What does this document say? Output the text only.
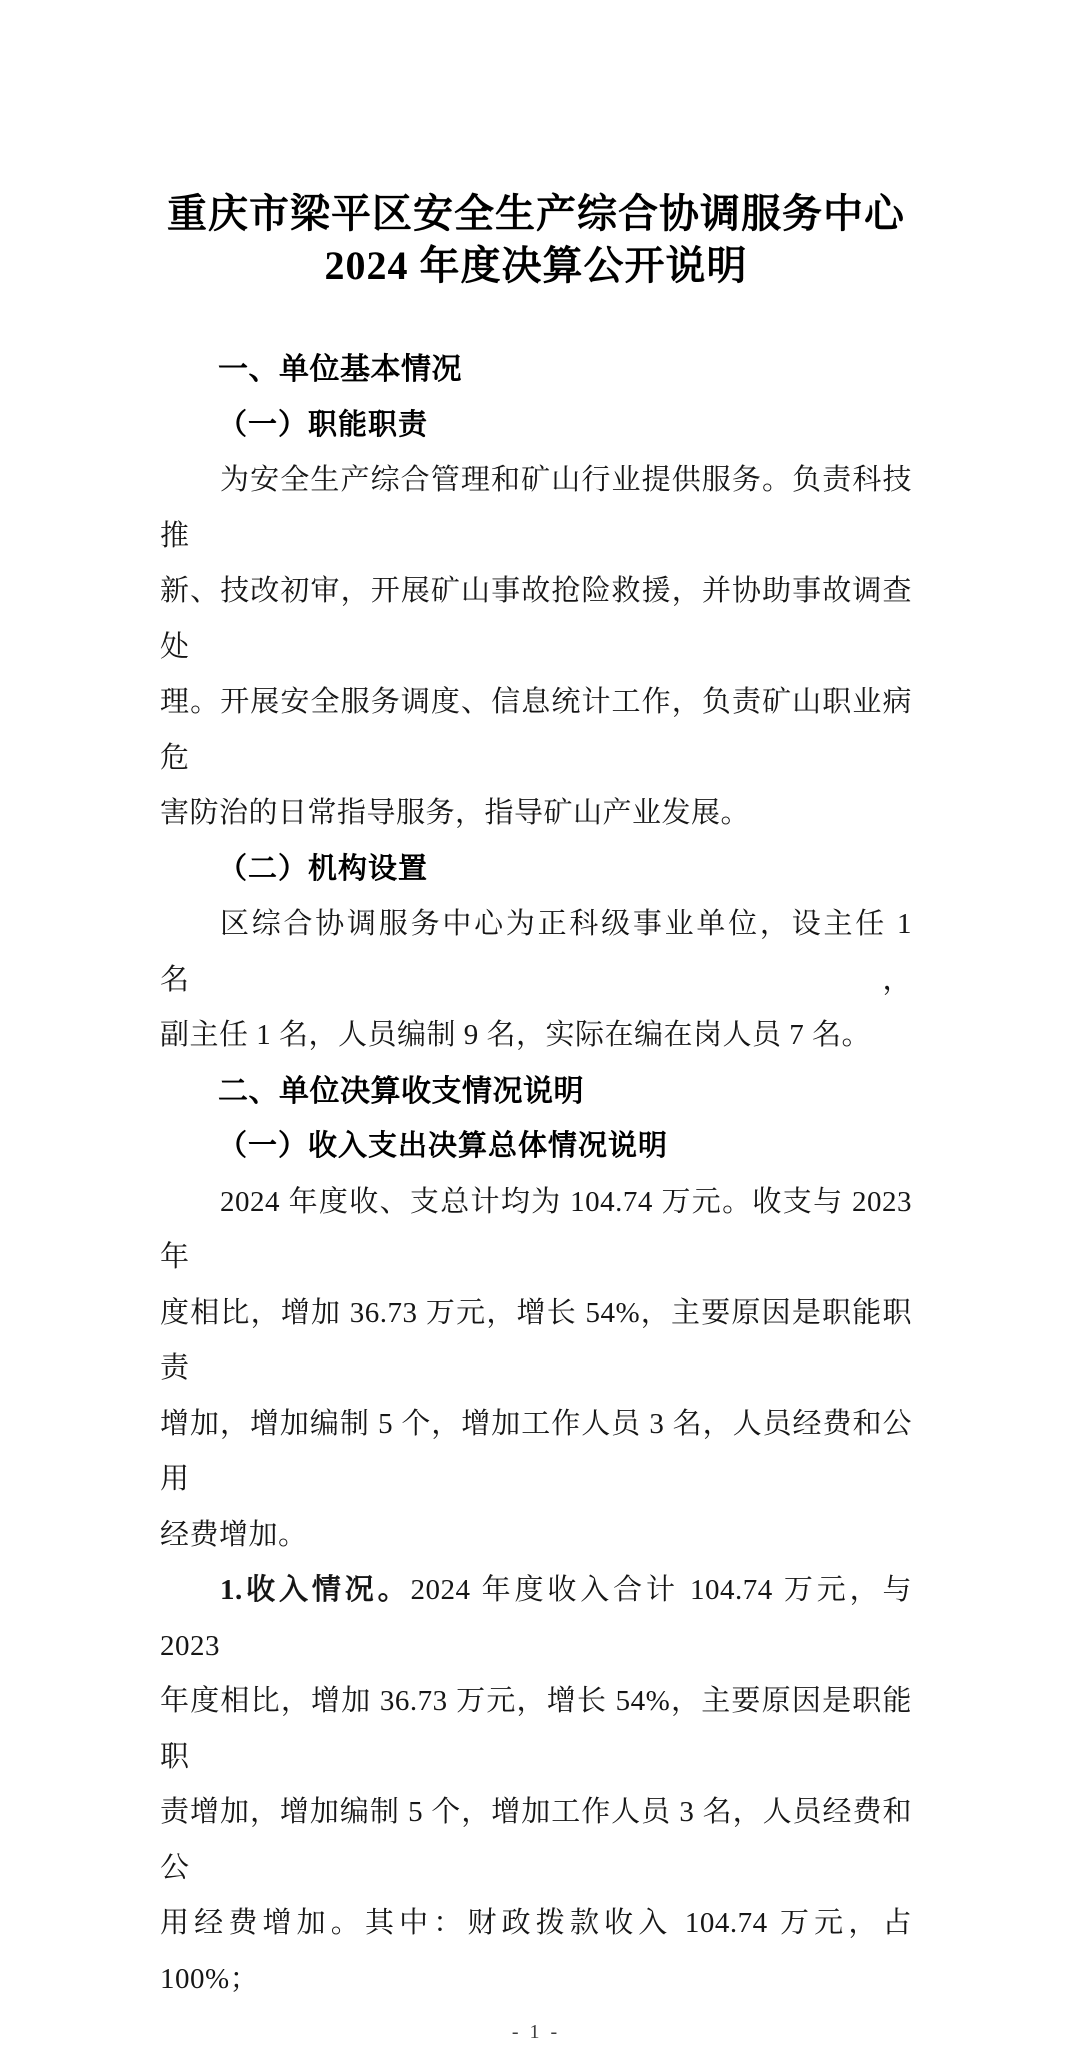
重庆市梁平区安全生产综合协调服务中心
2024 年度决算公开说明
一、单位基本情况
（一）职能职责
为安全生产综合管理和矿山行业提供服务。负责科技推
新、技改初审，开展矿山事故抢险救援，并协助事故调查处
理。开展安全服务调度、信息统计工作，负责矿山职业病危
害防治的日常指导服务，指导矿山产业发展。
（二）机构设置
区综合协调服务中心为正科级事业单位，设主任 1 名，
副主任 1 名，人员编制 9 名，实际在编在岗人员 7 名。
二、单位决算收支情况说明
（一）收入支出决算总体情况说明
2024 年度收、支总计均为 104.74 万元。收支与 2023 年
度相比，增加 36.73 万元，增长 54%，主要原因是职能职责
增加，增加编制 5 个，增加工作人员 3 名，人员经费和公用
经费增加。
1.收入情况。2024 年度收入合计 104.74 万元，与 2023
年度相比，增加 36.73 万元，增长 54%，主要原因是职能职
责增加，增加编制 5 个，增加工作人员 3 名，人员经费和公
用经费增加。其中：财政拨款收入 104.74 万元，占 100%；
- 1 -
